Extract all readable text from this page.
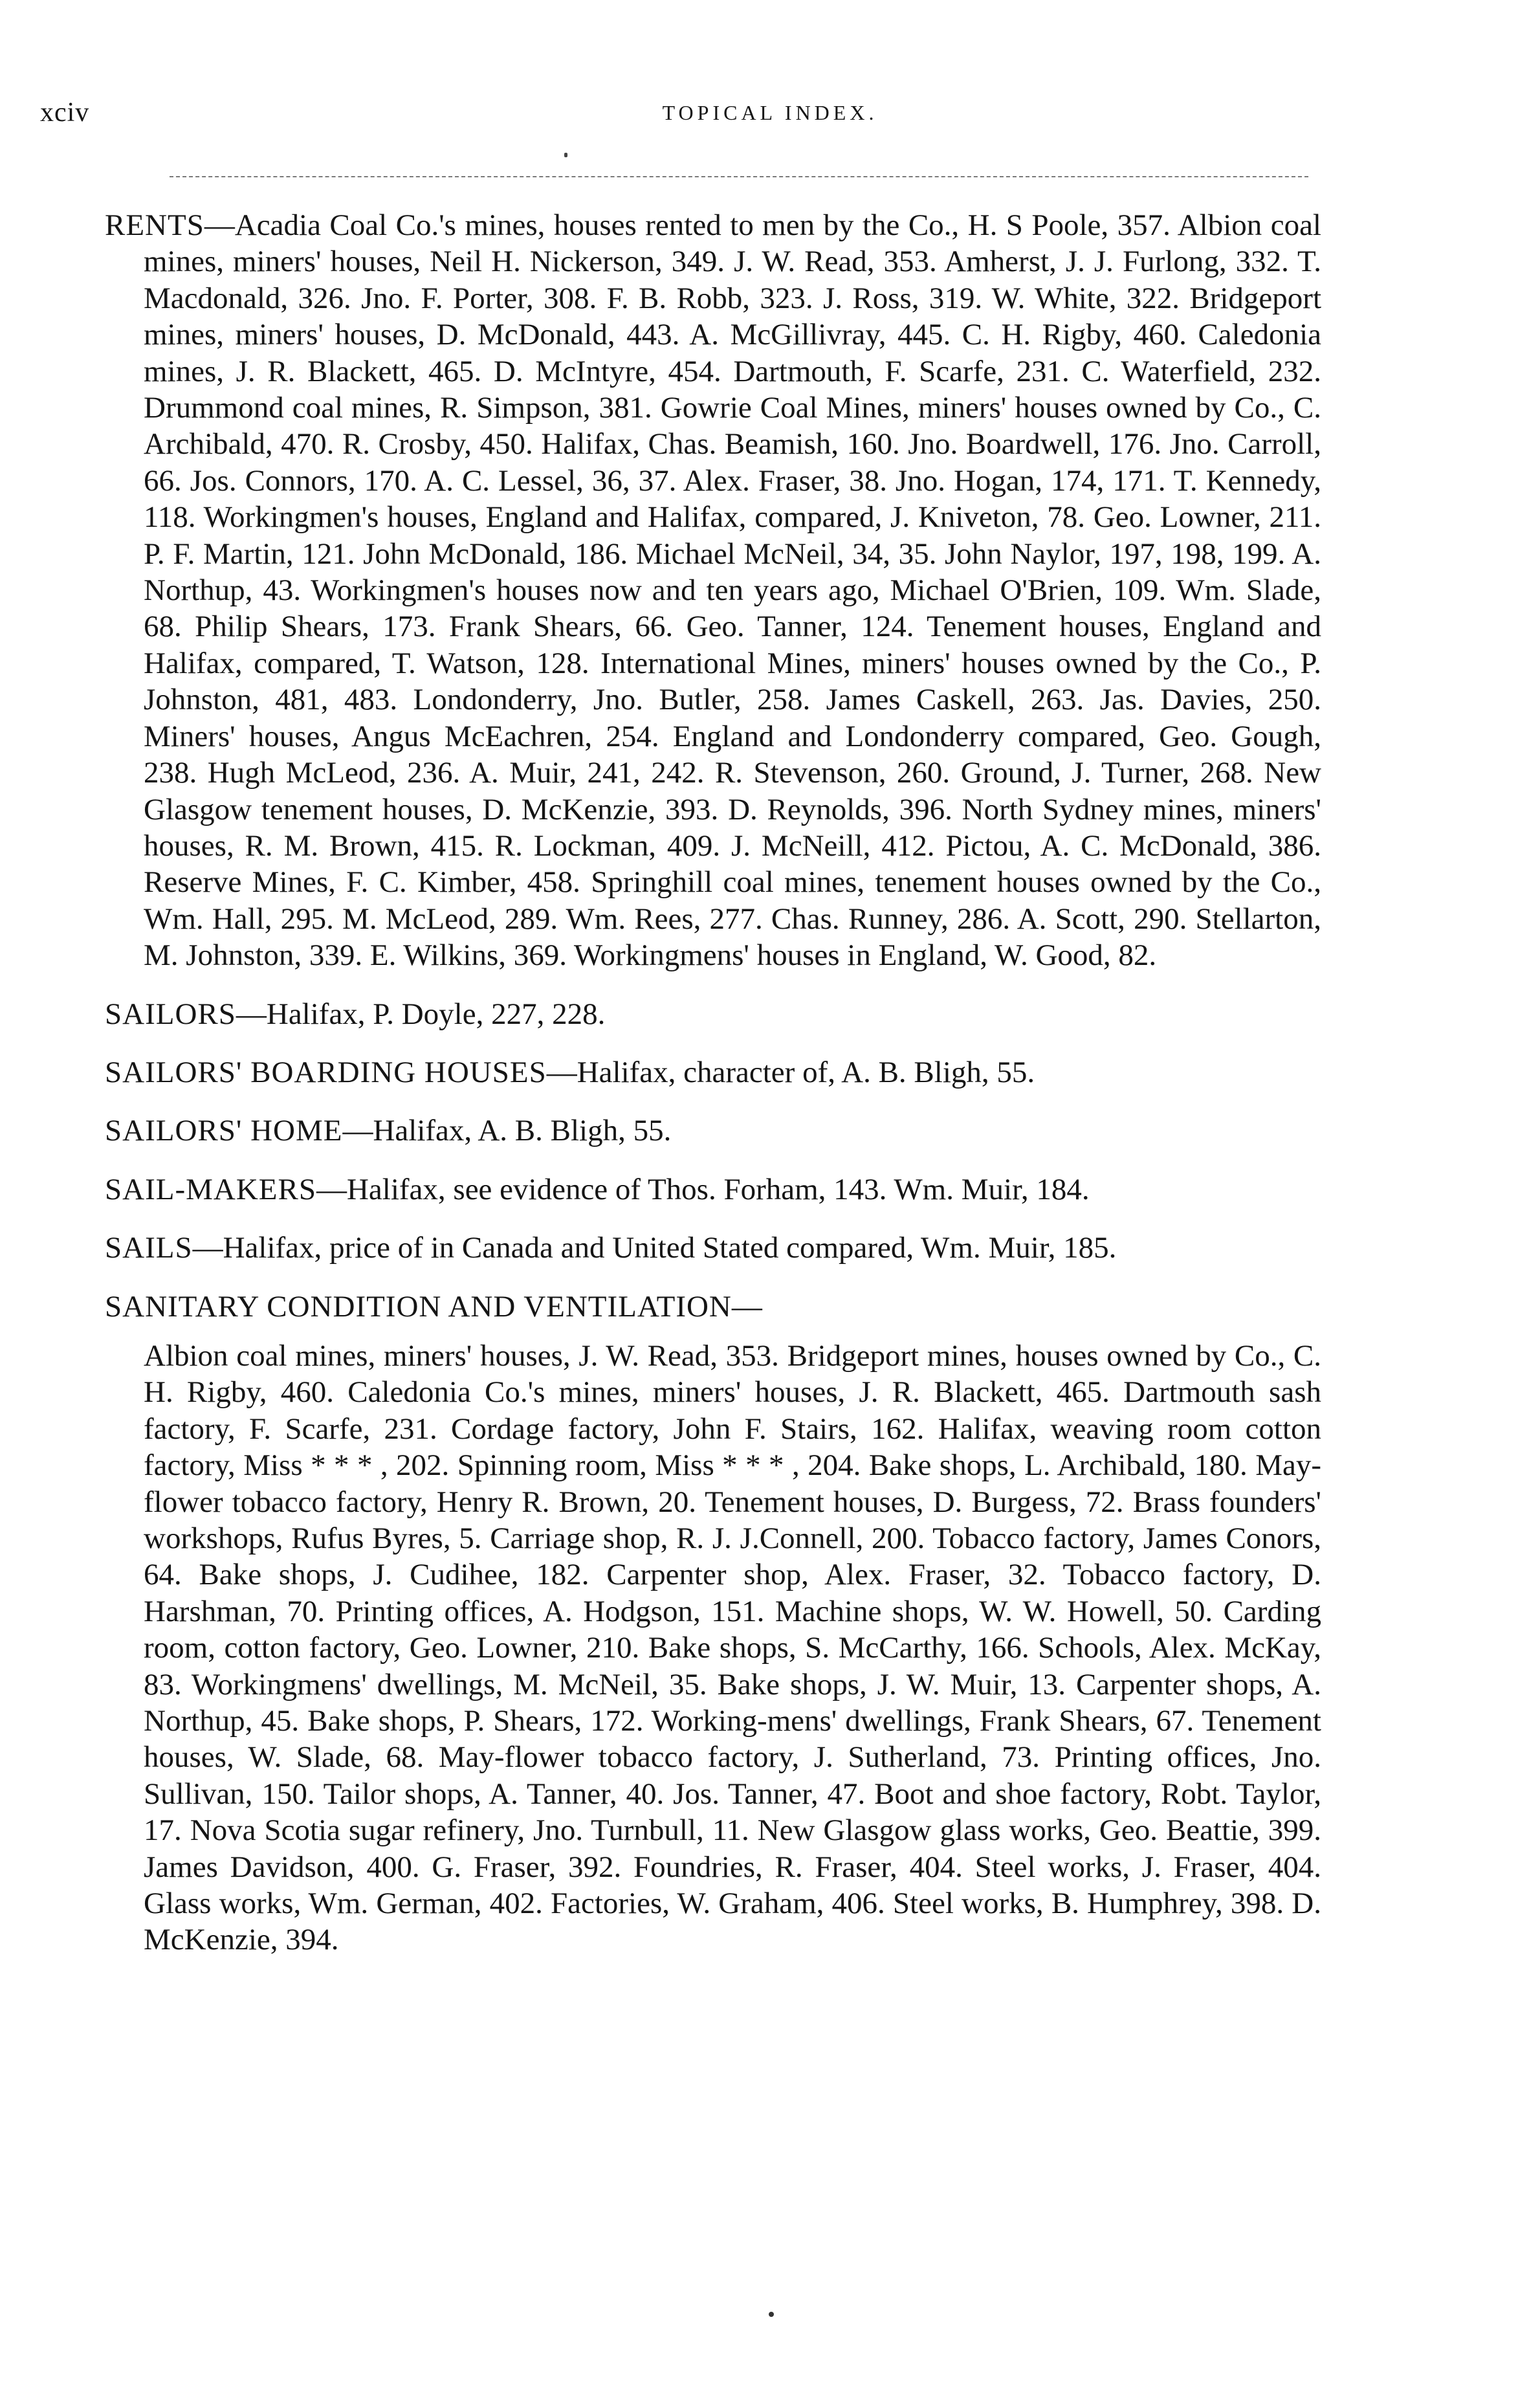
xciv	TOPICAL INDEX.

RENTS—Acadia Coal Co.'s mines, houses rented to men by the Co., H. S Poole, 357. Albion coal mines, miners' houses, Neil H. Nickerson, 349. J. W. Read, 353. Amherst, J. J. Furlong, 332. T. Macdonald, 326. Jno. F. Porter, 308. F. B. Robb, 323. J. Ross, 319. W. White, 322. Bridgeport mines, miners' houses, D. McDonald, 443. A. McGillivray, 445. C. H. Rigby, 460. Caledonia mines, J. R. Blackett, 465. D. McIntyre, 454. Dartmouth, F. Scarfe, 231. C. Waterfield, 232. Drummond coal mines, R. Simpson, 381. Gowrie Coal Mines, miners' houses owned by Co., C. Archibald, 470. R. Crosby, 450. Halifax, Chas. Beamish, 160. Jno. Boardwell, 176. Jno. Carroll, 66. Jos. Connors, 170. A. C. Lessel, 36, 37. Alex. Fraser, 38. Jno. Hogan, 174, 171. T. Kennedy, 118. Workingmen's houses, England and Halifax, compared, J. Kniveton, 78. Geo. Lowner, 211. P. F. Martin, 121. John McDonald, 186. Michael McNeil, 34, 35. John Naylor, 197, 198, 199. A. Northup, 43. Workingmen's houses now and ten years ago, Michael O'Brien, 109. Wm. Slade, 68. Philip Shears, 173. Frank Shears, 66. Geo. Tanner, 124. Tenement houses, England and Halifax, compared, T. Watson, 128. International Mines, miners' houses owned by the Co., P. Johnston, 481, 483. Londonderry, Jno. Butler, 258. James Caskell, 263. Jas. Davies, 250. Miners' houses, Angus McEachren, 254. England and Londonderry compared, Geo. Gough, 238. Hugh McLeod, 236. A. Muir, 241, 242. R. Stevenson, 260. Ground, J. Turner, 268. New Glasgow tenement houses, D. McKenzie, 393. D. Reynolds, 396. North Sydney mines, miners' houses, R. M. Brown, 415. R. Lockman, 409. J. McNeill, 412. Pictou, A. C. McDonald, 386. Reserve Mines, F. C. Kimber, 458. Springhill coal mines, tenement houses owned by the Co., Wm. Hall, 295. M. McLeod, 289. Wm. Rees, 277. Chas. Runney, 286. A. Scott, 290. Stellarton, M. Johnston, 339. E. Wilkins, 369. Workingmens' houses in England, W. Good, 82.

SAILORS—Halifax, P. Doyle, 227, 228.

SAILORS' BOARDING HOUSES—Halifax, character of, A. B. Bligh, 55.

SAILORS' HOME—Halifax, A. B. Bligh, 55.

SAIL-MAKERS—Halifax, see evidence of Thos. Forham, 143. Wm. Muir, 184.

SAILS—Halifax, price of in Canada and United Stated compared, Wm. Muir, 185.

SANITARY CONDITION AND VENTILATION—
Albion coal mines, miners' houses, J. W. Read, 353. Bridgeport mines, houses owned by Co., C. H. Rigby, 460. Caledonia Co.'s mines, miners' houses, J. R. Blackett, 465. Dartmouth sash factory, F. Scarfe, 231. Cordage factory, John F. Stairs, 162. Halifax, weaving room cotton factory, Miss * * * , 202. Spinning room, Miss * * * , 204. Bake shops, L. Archibald, 180. May-flower tobacco factory, Henry R. Brown, 20. Tenement houses, D. Burgess, 72. Brass founders' workshops, Rufus Byres, 5. Carriage shop, R. J. J.Connell, 200. Tobacco factory, James Conors, 64. Bake shops, J. Cudihee, 182. Carpenter shop, Alex. Fraser, 32. Tobacco factory, D. Harshman, 70. Printing offices, A. Hodgson, 151. Machine shops, W. W. Howell, 50. Carding room, cotton factory, Geo. Lowner, 210. Bake shops, S. McCarthy, 166. Schools, Alex. McKay, 83. Workingmens' dwellings, M. McNeil, 35. Bake shops, J. W. Muir, 13. Carpenter shops, A. Northup, 45. Bake shops, P. Shears, 172. Working-mens' dwellings, Frank Shears, 67. Tenement houses, W. Slade, 68. May-flower tobacco factory, J. Sutherland, 73. Printing offices, Jno. Sullivan, 150. Tailor shops, A. Tanner, 40. Jos. Tanner, 47. Boot and shoe factory, Robt. Taylor, 17. Nova Scotia sugar refinery, Jno. Turnbull, 11. New Glasgow glass works, Geo. Beattie, 399. James Davidson, 400. G. Fraser, 392. Foundries, R. Fraser, 404. Steel works, J. Fraser, 404. Glass works, Wm. German, 402. Factories, W. Graham, 406. Steel works, B. Humphrey, 398. D. McKenzie, 394.
